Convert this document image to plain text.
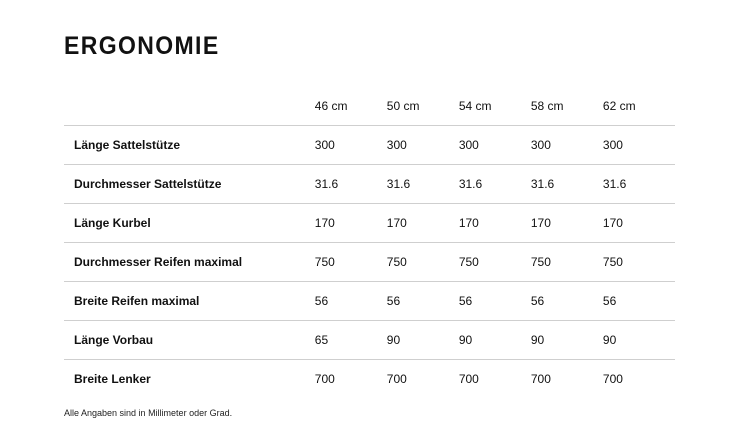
ERGONOMIE
	46 cm	50 cm	54 cm	58 cm	62 cm
Länge Sattelstütze	300	300	300	300	300
Durchmesser Sattelstütze	31.6	31.6	31.6	31.6	31.6
Länge Kurbel	170	170	170	170	170
Durchmesser Reifen maximal	750	750	750	750	750
Breite Reifen maximal	56	56	56	56	56
Länge Vorbau	65	90	90	90	90
Breite Lenker	700	700	700	700	700

Alle Angaben sind in Millimeter oder Grad.
